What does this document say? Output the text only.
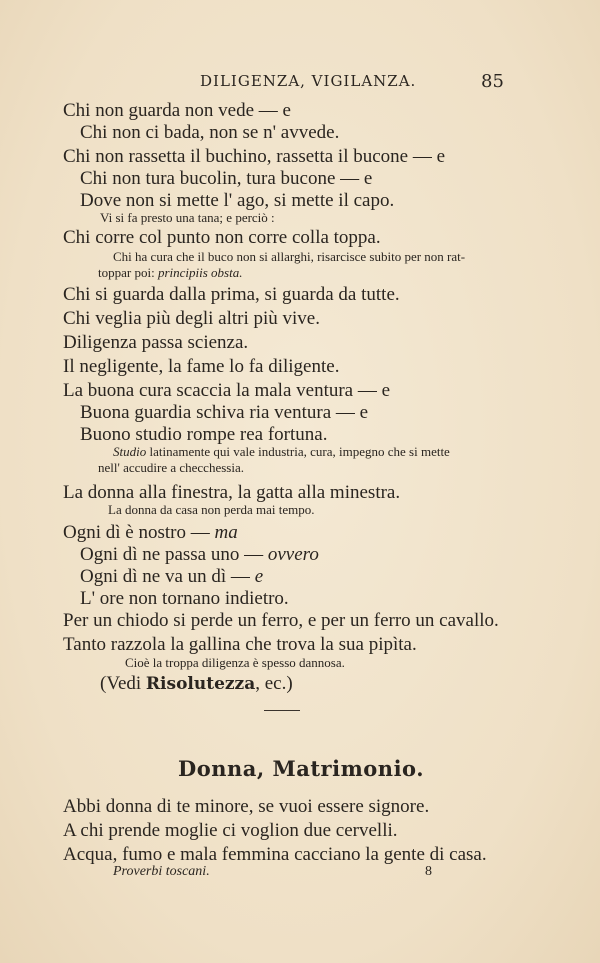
DILIGENZA, VIGILANZA.	85
Chi non guarda non vede — e
Chi non ci bada, non se n' avvede.
Chi non rassetta il buchino, rassetta il bucone — e
Chi non tura bucolin, tura bucone — e
Dove non si mette l' ago, si mette il capo.
Vi si fa presto una tana; e perciò :
Chi corre col punto non corre colla toppa.
Chi ha cura che il buco non si allarghi, risarcisce subito per non rat-
toppar poi: principiis obsta.
Chi si guarda dalla prima, si guarda da tutte.
Chi veglia più degli altri più vive.
Diligenza passa scienza.
Il negligente, la fame lo fa diligente.
La buona cura scaccia la mala ventura — e
Buona guardia schiva ria ventura — e
Buono studio rompe rea fortuna.
Studio latinamente qui vale industria, cura, impegno che si mette
nell' accudire a checchessia.
La donna alla finestra, la gatta alla minestra.
La donna da casa non perda mai tempo.
Ogni dì è nostro — ma
Ogni dì ne passa uno — ovvero
Ogni dì ne va un dì — e
L' ore non tornano indietro.
Per un chiodo si perde un ferro, e per un ferro un cavallo.
Tanto razzola la gallina che trova la sua pipìta.
Cioè la troppa diligenza è spesso dannosa.
(Vedi Risolutezza, ec.)
Donna, Matrimonio.
Abbi donna di te minore, se vuoi essere signore.
A chi prende moglie ci voglion due cervelli.
Acqua, fumo e mala femmina cacciano la gente di casa.
Proverbi toscani.	8
